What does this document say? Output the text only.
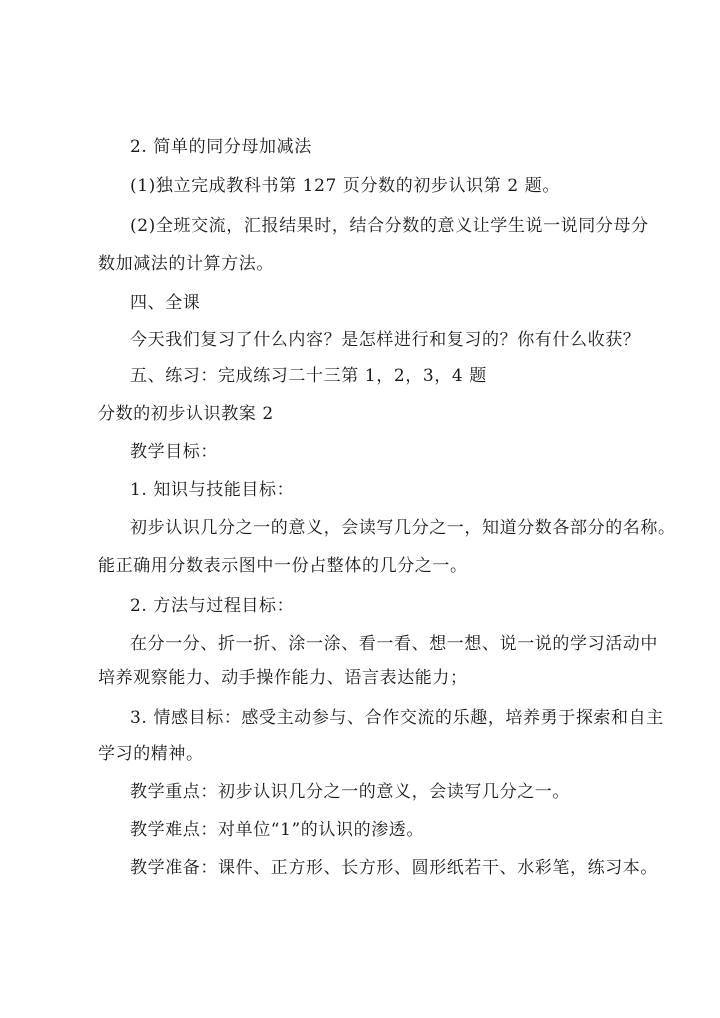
2. 简单的同分母加减法
(1)独立完成教科书第 127 页分数的初步认识第 2 题。
(2)全班交流，汇报结果时，结合分数的意义让学生说一说同分母分
数加减法的计算方法。
四、全课
今天我们复习了什么内容？是怎样进行和复习的？你有什么收获？
五、练习：完成练习二十三第 1，2，3，4 题
分数的初步认识教案 2
教学目标：
1. 知识与技能目标：
初步认识几分之一的意义，会读写几分之一，知道分数各部分的名称。
能正确用分数表示图中一份占整体的几分之一。
2. 方法与过程目标：
在分一分、折一折、涂一涂、看一看、想一想、说一说的学习活动中
培养观察能力、动手操作能力、语言表达能力；
3. 情感目标：感受主动参与、合作交流的乐趣，培养勇于探索和自主
学习的精神。
教学重点：初步认识几分之一的意义，会读写几分之一。
教学难点：对单位“1”的认识的渗透。
教学准备：课件、正方形、长方形、圆形纸若干、水彩笔，练习本。
